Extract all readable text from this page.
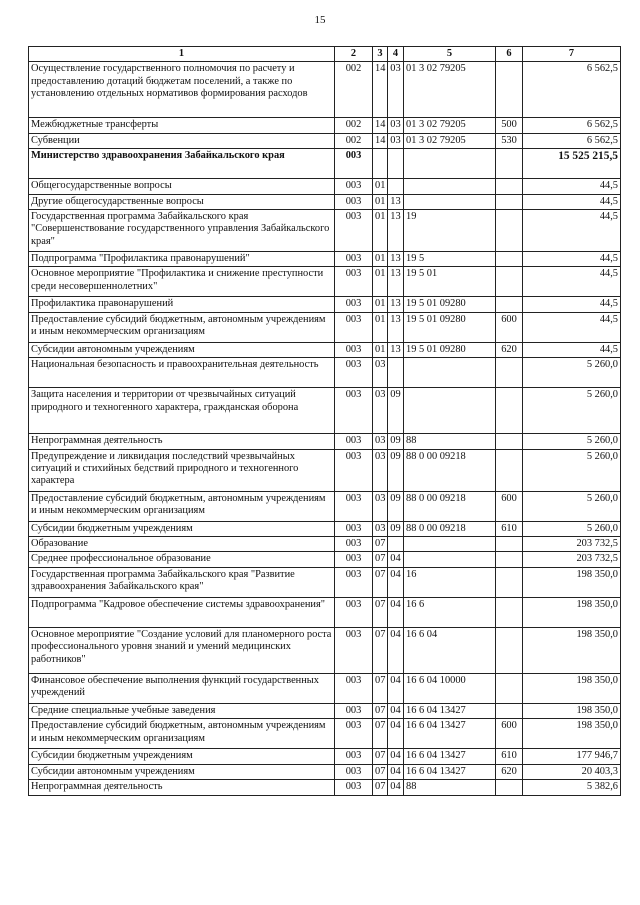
15
1	2	3	4	5	6	7
Осуществление государственного полномочия по расчету и предоставлению дотаций бюджетам поселений, а также по установлению отдельных нормативов формирования расходов	002	14	03	01 3 02 79205		6 562,5
Межбюджетные трансферты	002	14	03	01 3 02 79205	500	6 562,5
Субвенции	002	14	03	01 3 02 79205	530	6 562,5
Министерство здравоохранения Забайкальского края	003					15 525 215,5
Общегосударственные вопросы	003	01				44,5
Другие общегосударственные вопросы	003	01	13			44,5
Государственная программа Забайкальского края "Совершенствование государственного управления Забайкальского края"	003	01	13	19		44,5
Подпрограмма "Профилактика правонарушений"	003	01	13	19 5		44,5
Основное мероприятие "Профилактика и снижение преступности среди несовершеннолетних"	003	01	13	19 5 01		44,5
Профилактика правонарушений	003	01	13	19 5 01 09280		44,5
Предоставление субсидий бюджетным, автономным учреждениям и иным некоммерческим организациям	003	01	13	19 5 01 09280	600	44,5
Субсидии автономным учреждениям	003	01	13	19 5 01 09280	620	44,5
Национальная безопасность и правоохранительная деятельность	003	03				5 260,0
Защита населения и территории от чрезвычайных ситуаций природного и техногенного характера, гражданская оборона	003	03	09			5 260,0
Непрограммная деятельность	003	03	09	88		5 260,0
Предупреждение и ликвидация последствий чрезвычайных ситуаций и стихийных бедствий природного и техногенного характера	003	03	09	88 0 00 09218		5 260,0
Предоставление субсидий бюджетным, автономным учреждениям и иным некоммерческим организациям	003	03	09	88 0 00 09218	600	5 260,0
Субсидии бюджетным учреждениям	003	03	09	88 0 00 09218	610	5 260,0
Образование	003	07				203 732,5
Среднее профессиональное образование	003	07	04			203 732,5
Государственная программа Забайкальского края "Развитие здравоохранения Забайкальского края"	003	07	04	16		198 350,0
Подпрограмма "Кадровое обеспечение системы здравоохранения"	003	07	04	16 6		198 350,0
Основное мероприятие "Создание условий для планомерного роста профессионального уровня знаний и умений медицинских работников"	003	07	04	16 6 04		198 350,0
Финансовое обеспечение выполнения функций государственных учреждений	003	07	04	16 6 04 10000		198 350,0
Средние специальные учебные заведения	003	07	04	16 6 04 13427		198 350,0
Предоставление субсидий бюджетным, автономным учреждениям и иным некоммерческим организациям	003	07	04	16 6 04 13427	600	198 350,0
Субсидии бюджетным учреждениям	003	07	04	16 6 04 13427	610	177 946,7
Субсидии автономным учреждениям	003	07	04	16 6 04 13427	620	20 403,3
Непрограммная деятельность	003	07	04	88		5 382,6
